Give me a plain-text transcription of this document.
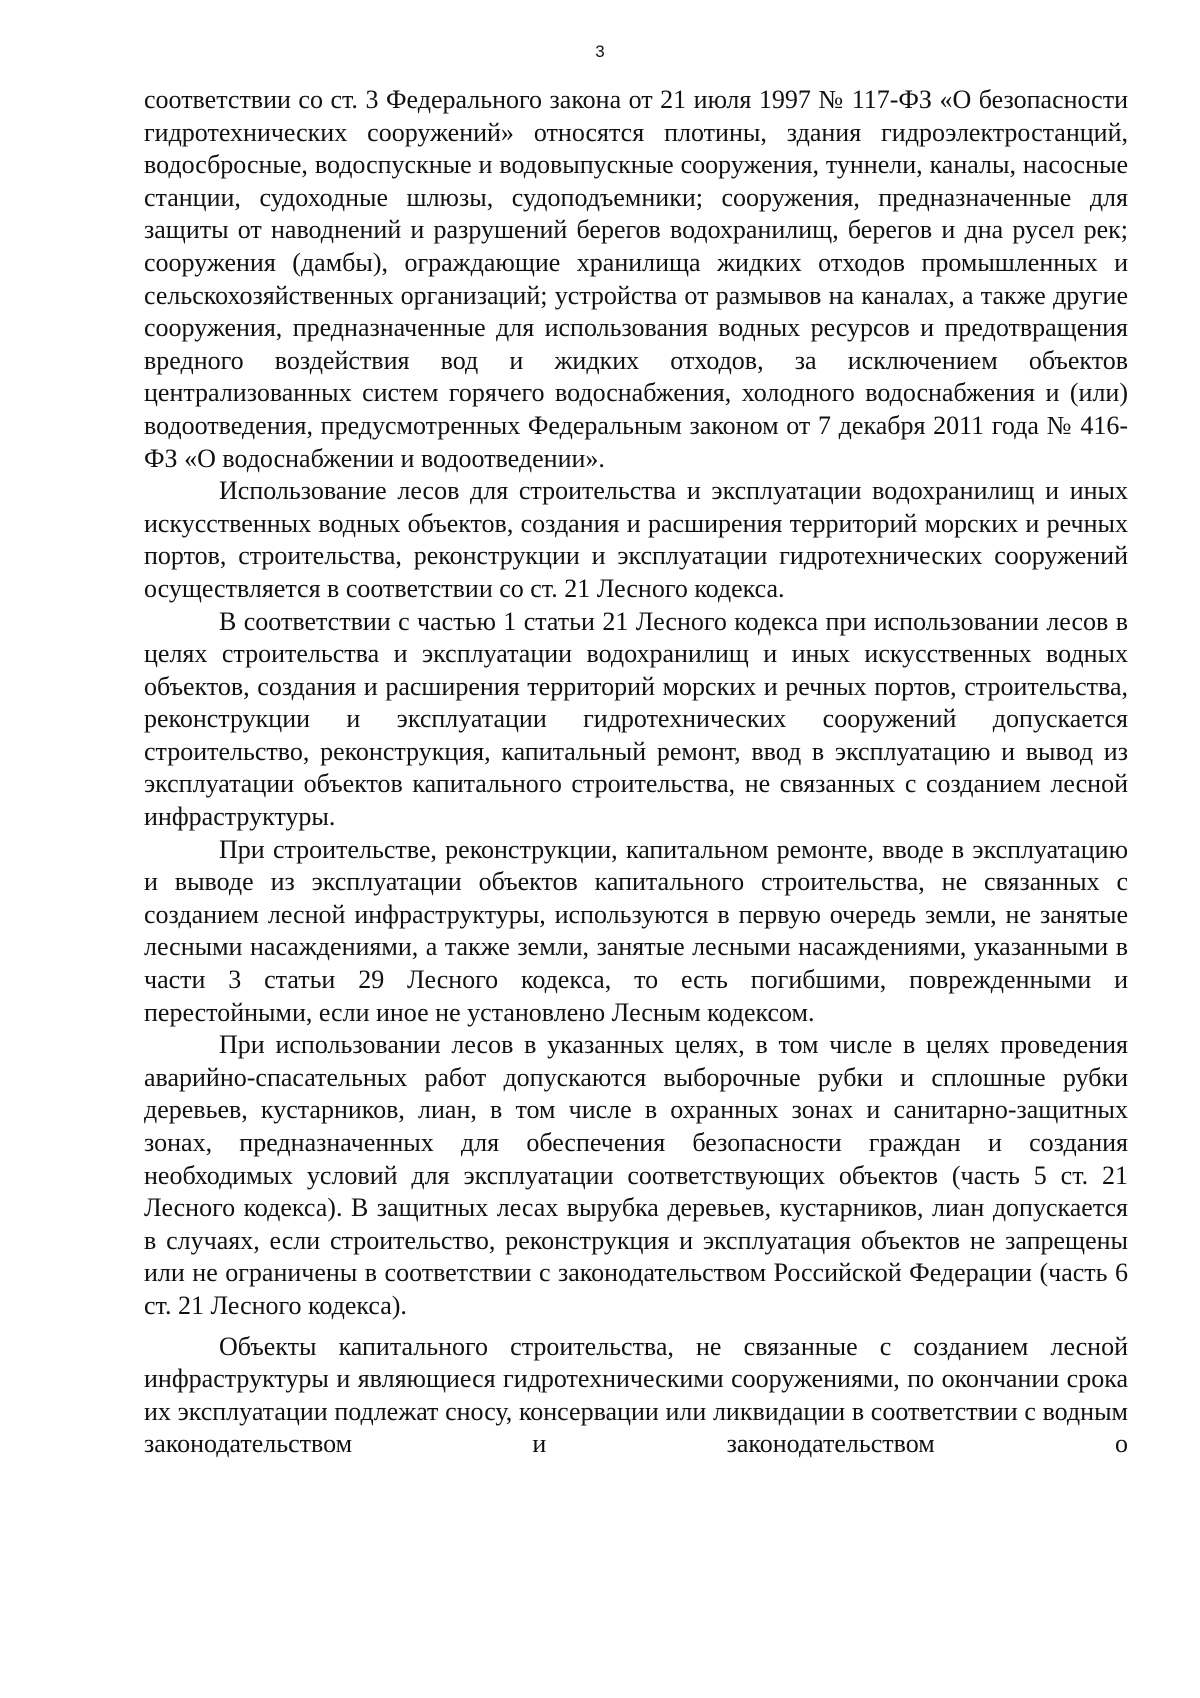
3

соответствии со ст. 3 Федерального закона от 21 июля 1997 № 117-ФЗ «О безопасности гидротехнических сооружений» относятся плотины, здания гидроэлектростанций, водосбросные, водоспускные и водовыпускные сооружения, туннели, каналы, насосные станции, судоходные шлюзы, судоподъемники; сооружения, предназначенные для защиты от наводнений и разрушений берегов водохранилищ, берегов и дна русел рек; сооружения (дамбы), ограждающие хранилища жидких отходов промышленных и сельскохозяйственных организаций; устройства от размывов на каналах, а также другие сооружения, предназначенные для использования водных ресурсов и предотвращения вредного воздействия вод и жидких отходов, за исключением объектов централизованных систем горячего водоснабжения, холодного водоснабжения и (или) водоотведения, предусмотренных Федеральным законом от 7 декабря 2011 года № 416-ФЗ «О водоснабжении и водоотведении».

Использование лесов для строительства и эксплуатации водохранилищ и иных искусственных водных объектов, создания и расширения территорий морских и речных портов, строительства, реконструкции и эксплуатации гидротехнических сооружений осуществляется в соответствии со ст. 21 Лесного кодекса.

В соответствии с частью 1 статьи 21 Лесного кодекса при использовании лесов в целях строительства и эксплуатации водохранилищ и иных искусственных водных объектов, создания и расширения территорий морских и речных портов, строительства, реконструкции и эксплуатации гидротехнических сооружений допускается строительство, реконструкция, капитальный ремонт, ввод в эксплуатацию и вывод из эксплуатации объектов капитального строительства, не связанных с созданием лесной инфраструктуры.

При строительстве, реконструкции, капитальном ремонте, вводе в эксплуатацию и выводе из эксплуатации объектов капитального строительства, не связанных с созданием лесной инфраструктуры, используются в первую очередь земли, не занятые лесными насаждениями, а также земли, занятые лесными насаждениями, указанными в части 3 статьи 29 Лесного кодекса, то есть погибшими, поврежденными и перестойными, если иное не установлено Лесным кодексом.

При использовании лесов в указанных целях, в том числе в целях проведения аварийно-спасательных работ допускаются выборочные рубки и сплошные рубки деревьев, кустарников, лиан, в том числе в охранных зонах и санитарно-защитных зонах, предназначенных для обеспечения безопасности граждан и создания необходимых условий для эксплуатации соответствующих объектов (часть 5 ст. 21 Лесного кодекса). В защитных лесах вырубка деревьев, кустарников, лиан допускается в случаях, если строительство, реконструкция и эксплуатация объектов не запрещены или не ограничены в соответствии с законодательством Российской Федерации (часть 6 ст. 21 Лесного кодекса).

Объекты капитального строительства, не связанные с созданием лесной инфраструктуры и являющиеся гидротехническими сооружениями, по окончании срока их эксплуатации подлежат сносу, консервации или ликвидации в соответствии с водным законодательством и законодательством о
